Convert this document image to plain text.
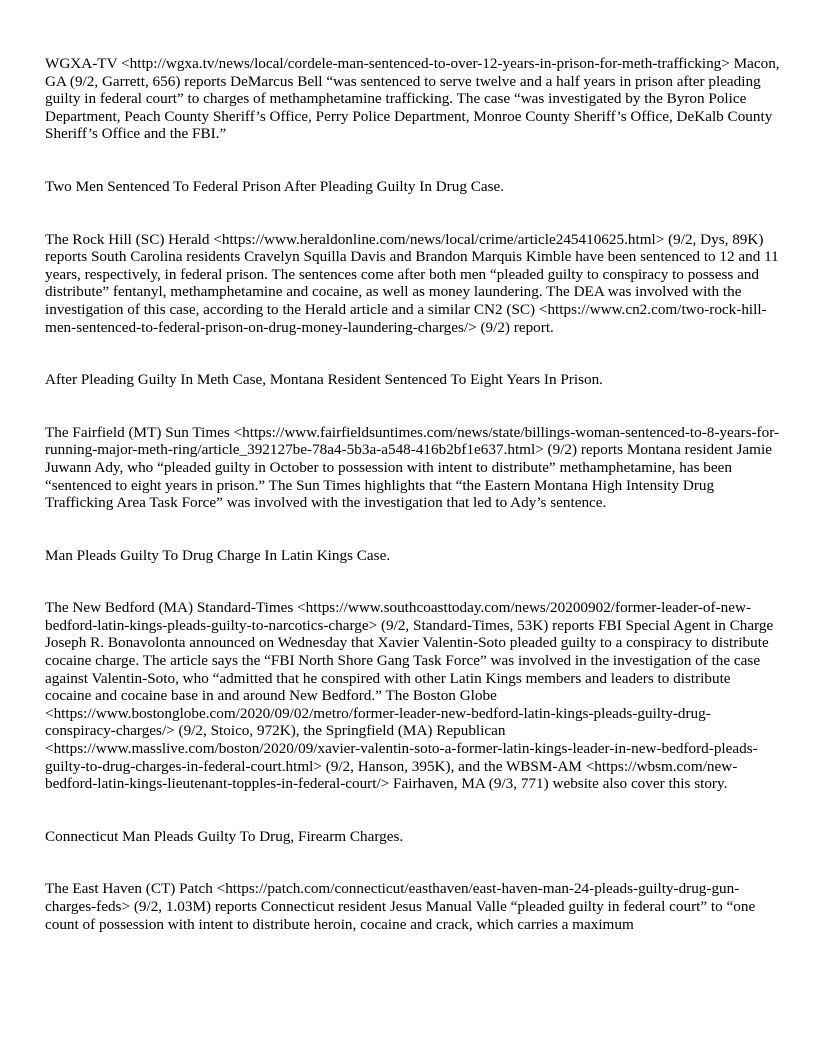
WGXA-TV <http://wgxa.tv/news/local/cordele-man-sentenced-to-over-12-years-in-prison-for-meth-trafficking> Macon, GA (9/2, Garrett, 656) reports DeMarcus Bell “was sentenced to serve twelve and a half years in prison after pleading guilty in federal court” to charges of methamphetamine trafficking. The case “was investigated by the Byron Police Department, Peach County Sheriff’s Office, Perry Police Department, Monroe County Sheriff’s Office, DeKalb County Sheriff’s Office and the FBI.”

Two Men Sentenced To Federal Prison After Pleading Guilty In Drug Case.

The Rock Hill (SC) Herald <https://www.heraldonline.com/news/local/crime/article245410625.html> (9/2, Dys, 89K) reports South Carolina residents Cravelyn Squilla Davis and Brandon Marquis Kimble have been sentenced to 12 and 11 years, respectively, in federal prison. The sentences come after both men “pleaded guilty to conspiracy to possess and distribute” fentanyl, methamphetamine and cocaine, as well as money laundering. The DEA was involved with the investigation of this case, according to the Herald article and a similar CN2 (SC) <https://www.cn2.com/two-rock-hill-men-sentenced-to-federal-prison-on-drug-money-laundering-charges/> (9/2) report.

After Pleading Guilty In Meth Case, Montana Resident Sentenced To Eight Years In Prison.

The Fairfield (MT) Sun Times <https://www.fairfieldsuntimes.com/news/state/billings-woman-sentenced-to-8-years-for-running-major-meth-ring/article_392127be-78a4-5b3a-a548-416b2bf1e637.html> (9/2) reports Montana resident Jamie Juwann Ady, who “pleaded guilty in October to possession with intent to distribute” methamphetamine, has been “sentenced to eight years in prison.” The Sun Times highlights that “the Eastern Montana High Intensity Drug Trafficking Area Task Force” was involved with the investigation that led to Ady’s sentence.

Man Pleads Guilty To Drug Charge In Latin Kings Case.

The New Bedford (MA) Standard-Times <https://www.southcoasttoday.com/news/20200902/former-leader-of-new-bedford-latin-kings-pleads-guilty-to-narcotics-charge> (9/2, Standard-Times, 53K) reports FBI Special Agent in Charge Joseph R. Bonavolonta announced on Wednesday that Xavier Valentin-Soto pleaded guilty to a conspiracy to distribute cocaine charge. The article says the “FBI North Shore Gang Task Force” was involved in the investigation of the case against Valentin-Soto, who “admitted that he conspired with other Latin Kings members and leaders to distribute cocaine and cocaine base in and around New Bedford.” The Boston Globe <https://www.bostonglobe.com/2020/09/02/metro/former-leader-new-bedford-latin-kings-pleads-guilty-drug-conspiracy-charges/> (9/2, Stoico, 972K), the Springfield (MA) Republican <https://www.masslive.com/boston/2020/09/xavier-valentin-soto-a-former-latin-kings-leader-in-new-bedford-pleads-guilty-to-drug-charges-in-federal-court.html> (9/2, Hanson, 395K), and the WBSM-AM <https://wbsm.com/new-bedford-latin-kings-lieutenant-topples-in-federal-court/> Fairhaven, MA (9/3, 771) website also cover this story.

Connecticut Man Pleads Guilty To Drug, Firearm Charges.

The East Haven (CT) Patch <https://patch.com/connecticut/easthaven/east-haven-man-24-pleads-guilty-drug-gun-charges-feds> (9/2, 1.03M) reports Connecticut resident Jesus Manual Valle “pleaded guilty in federal court” to “one count of possession with intent to distribute heroin, cocaine and crack, which carries a maximum
